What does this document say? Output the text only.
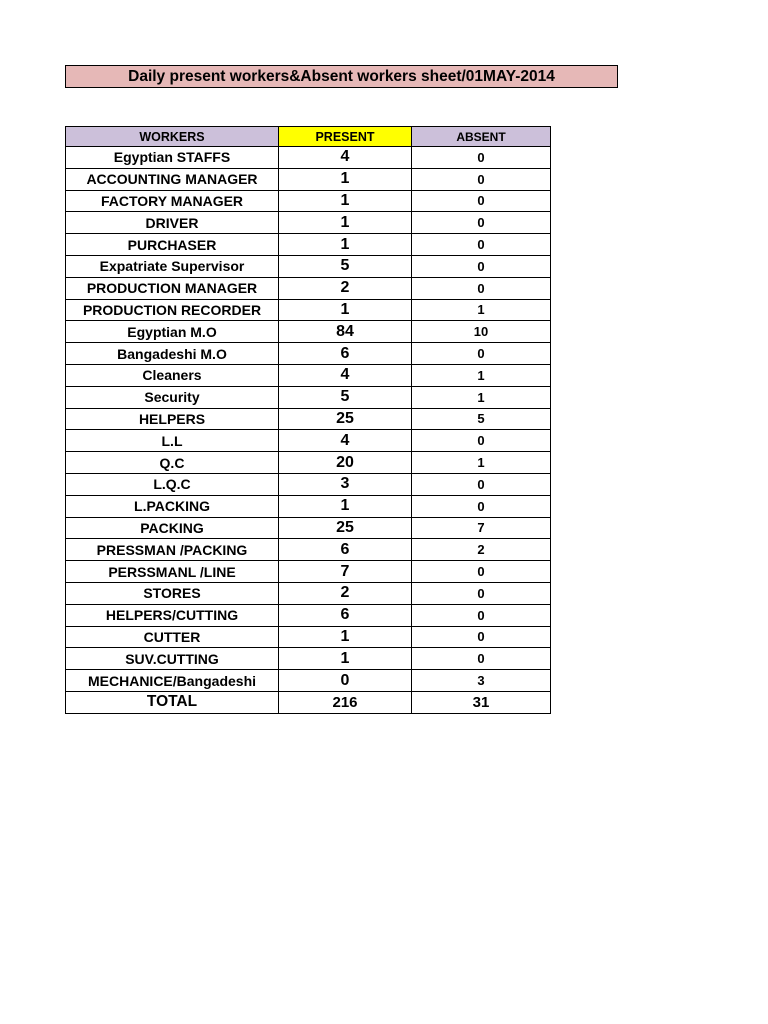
Daily present workers&Absent workers sheet/01MAY-2014
WORKERS	PRESENT	ABSENT
Egyptian STAFFS	4	0
ACCOUNTING MANAGER	1	0
FACTORY MANAGER	1	0
DRIVER	1	0
PURCHASER	1	0
Expatriate Supervisor	5	0
PRODUCTION MANAGER	2	0
PRODUCTION RECORDER	1	1
Egyptian M.O	84	10
Bangadeshi M.O	6	0
Cleaners	4	1
Security	5	1
HELPERS	25	5
L.L	4	0
Q.C	20	1
L.Q.C	3	0
L.PACKING	1	0
PACKING	25	7
PRESSMAN /PACKING	6	2
PERSSMANL /LINE	7	0
STORES	2	0
HELPERS/CUTTING	6	0
CUTTER	1	0
SUV.CUTTING	1	0
MECHANICE/Bangadeshi	0	3
TOTAL	216	31
